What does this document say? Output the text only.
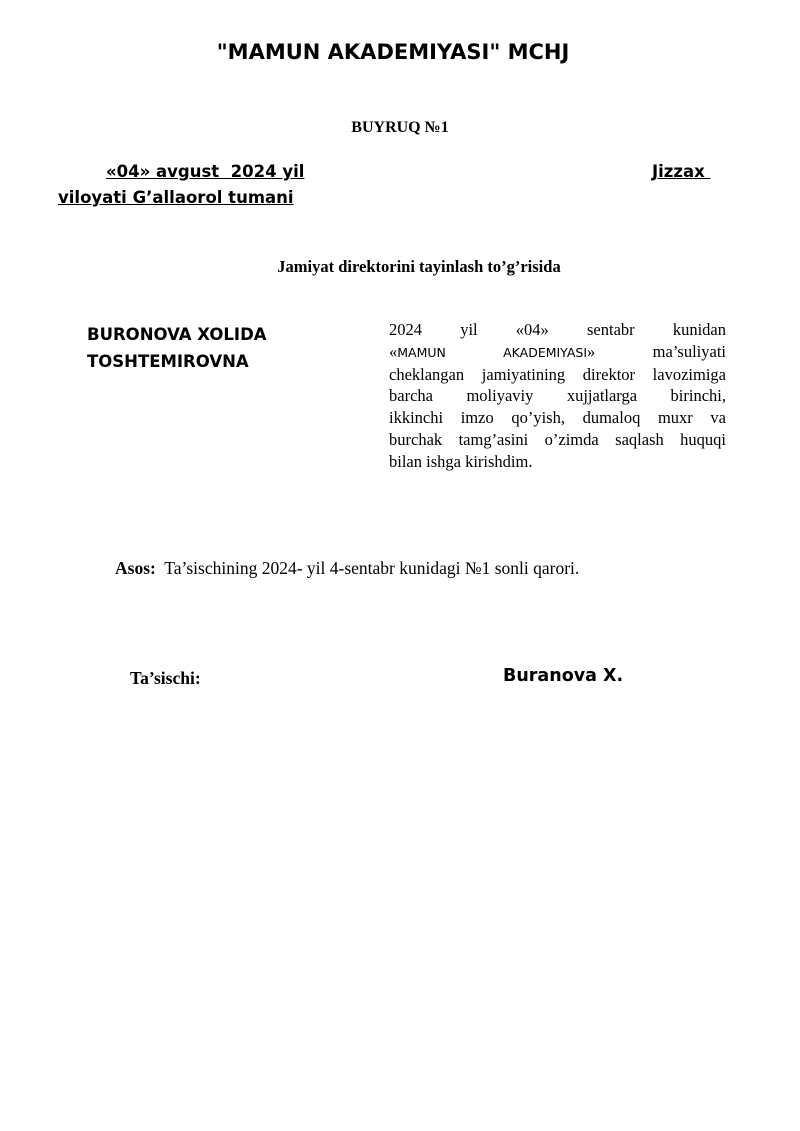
"MAMUN AKADEMIYASI" MCHJ
BUYRUQ №1
«04» avgust  2024 yil	Jizzax
viloyati G’allaorol tumani
Jamiyat direktorini tayinlash to’g’risida
BURONOVA XOLIDA
TOSHTEMIROVNA
2024 yil «04» sentabr kunidan
«MAMUN AKADEMIYASI» ma’suliyati
cheklangan jamiyatining direktor lavozimiga
barcha moliyaviy xujjatlarga birinchi,
ikkinchi imzo qo’yish, dumaloq muxr va
burchak tamg’asini o’zimda saqlash huquqi
bilan ishga kirishdim.
Asos:  Ta’sischining 2024- yil 4-sentabr kunidagi №1 sonli qarori.
Ta’sischi:	Buranova X.
